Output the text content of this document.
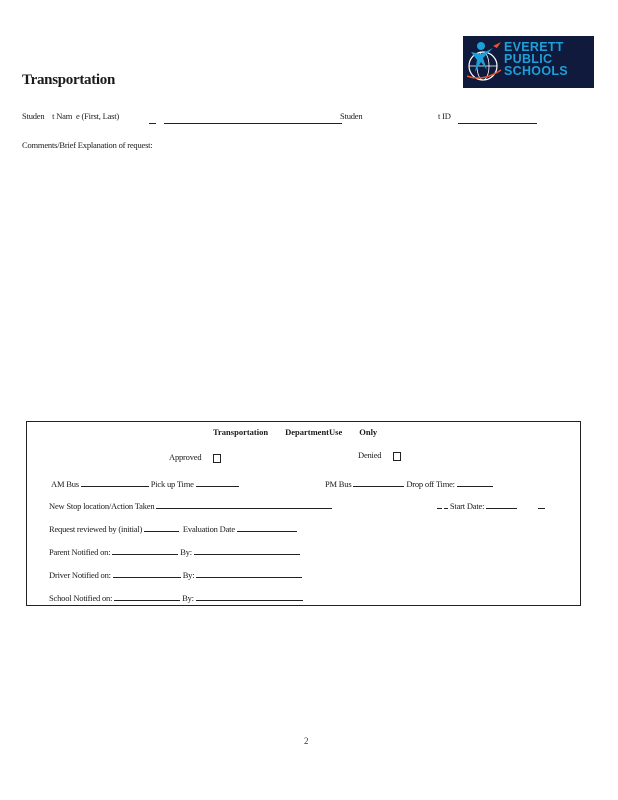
Transportation
EVERETT
PUBLIC
SCHOOLS
Studen t Nam e (First, Last)
	Studen	t ID
Comments/Brief Explanation of request:
Transportation DepartmentUse Only
Approved	Denied
AM Bus	Pick up Time	PM Bus	Drop off Time:
New Stop location/Action Taken	Start Date:
Request reviewed by (initial)	Evaluation Date
Parent Notified on:	By:
Driver Notified on:	By:
School Notified on:	By:
2
